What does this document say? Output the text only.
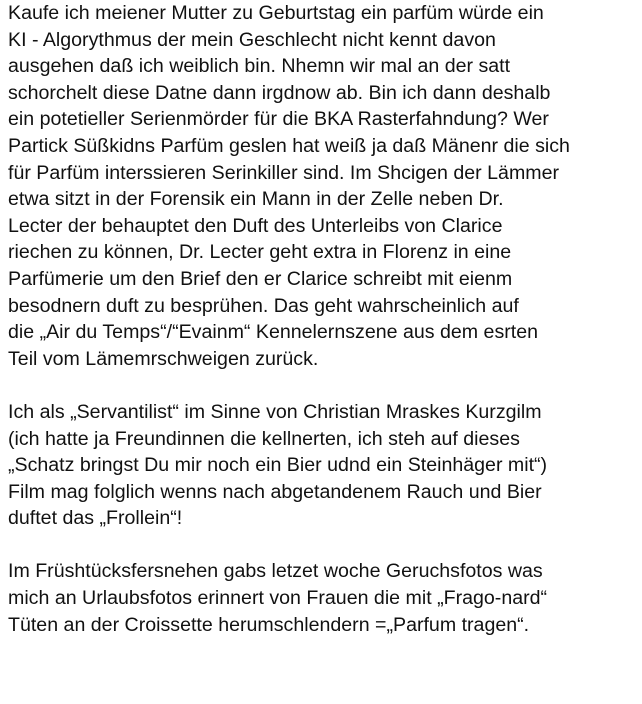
Kaufe ich meiener Mutter zu Geburtstag ein parfüm würde ein
KI - Algorythmus der mein Geschlecht nicht kennt davon
ausgehen daß ich weiblich bin. Nhemn wir mal an der satt
schorchelt diese Datne dann irgdnow ab. Bin ich dann deshalb
ein potetieller Serienmörder für die BKA Rasterfahndung? Wer
Partick Süßkidns Parfüm geslen hat weiß ja daß Mänenr die sich
für Parfüm interssieren Serinkiller sind. Im Shcigen der Lämmer
etwa sitzt in der Forensik ein Mann in der Zelle neben Dr.
Lecter der behauptet den Duft des Unterleibs von Clarice
riechen zu können, Dr. Lecter geht extra in Florenz in eine
Parfümerie um den Brief den er Clarice schreibt mit eienm
besodnern duft zu besprühen. Das geht wahrscheinlich auf
die „Air du Temps“/“Evainm“ Kennelernszene aus dem esrten
Teil vom Lämemrschweigen zurück.

Ich als „Servantilist“ im Sinne von Christian Mraskes Kurzgilm
(ich hatte ja Freundinnen die kellnerten, ich steh auf dieses
„Schatz bringst Du mir noch ein Bier udnd ein Steinhäger mit“)
Film mag folglich wenns nach abgetandenem Rauch und Bier
duftet das „Frollein“!

Im Früshtücksfersnehen gabs letzet woche Geruchsfotos was
mich an Urlaubsfotos erinnert von Frauen die mit „Frago-nard“
Tüten an der Croissette herumschlendern =„Parfum tragen“.
